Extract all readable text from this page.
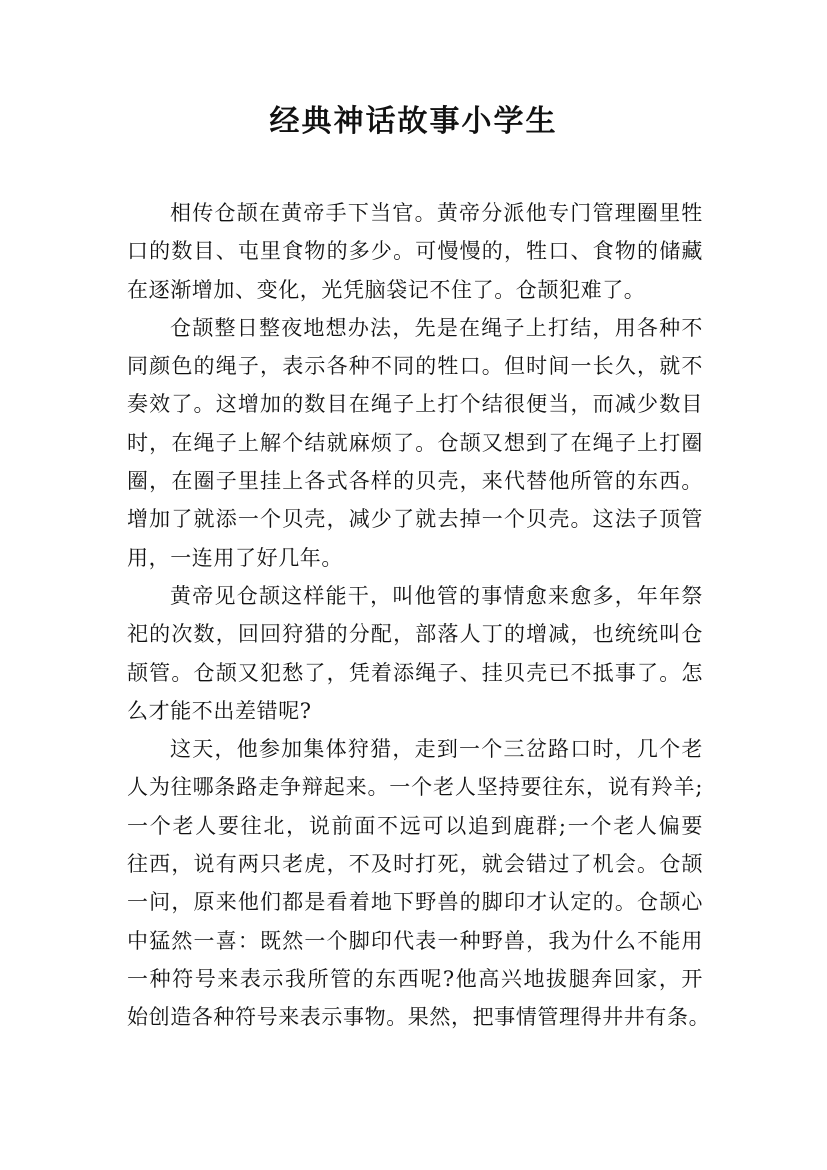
经典神话故事小学生
相传仓颉在黄帝手下当官。黄帝分派他专门管理圈里牲
口的数目、屯里食物的多少。可慢慢的，牲口、食物的储藏
在逐渐增加、变化，光凭脑袋记不住了。仓颉犯难了。
仓颉整日整夜地想办法，先是在绳子上打结，用各种不
同颜色的绳子，表示各种不同的牲口。但时间一长久，就不
奏效了。这增加的数目在绳子上打个结很便当，而减少数目
时，在绳子上解个结就麻烦了。仓颉又想到了在绳子上打圈
圈，在圈子里挂上各式各样的贝壳，来代替他所管的东西。
增加了就添一个贝壳，减少了就去掉一个贝壳。这法子顶管
用，一连用了好几年。
黄帝见仓颉这样能干，叫他管的事情愈来愈多，年年祭
祀的次数，回回狩猎的分配，部落人丁的增减，也统统叫仓
颉管。仓颉又犯愁了，凭着添绳子、挂贝壳已不抵事了。怎
么才能不出差错呢?
这天，他参加集体狩猎，走到一个三岔路口时，几个老
人为往哪条路走争辩起来。一个老人坚持要往东，说有羚羊;
一个老人要往北，说前面不远可以追到鹿群;一个老人偏要
往西，说有两只老虎，不及时打死，就会错过了机会。仓颉
一问，原来他们都是看着地下野兽的脚印才认定的。仓颉心
中猛然一喜：既然一个脚印代表一种野兽，我为什么不能用
一种符号来表示我所管的东西呢?他高兴地拔腿奔回家，开
始创造各种符号来表示事物。果然，把事情管理得井井有条。
